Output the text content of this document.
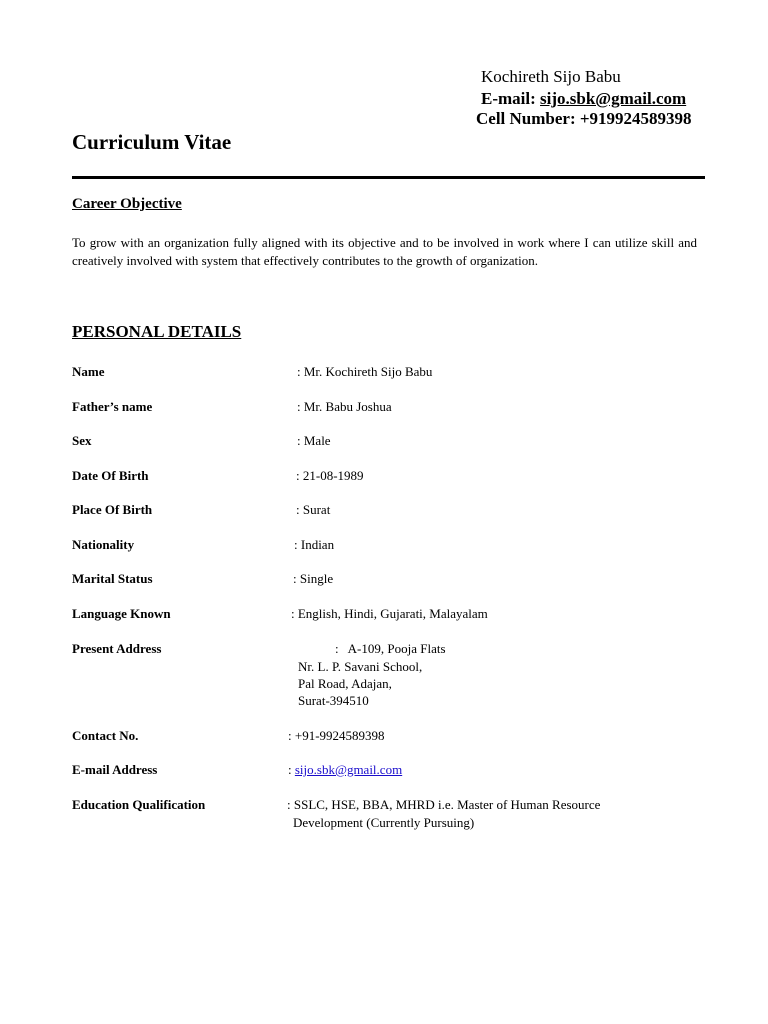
Kochireth Sijo Babu
E-mail: sijo.sbk@gmail.com
Cell Number: +919924589398
Curriculum Vitae
Career Objective
To grow with an organization fully aligned with its objective and to be involved in work where I can utilize skill and creatively involved with system that effectively contributes to the growth of organization.
PERSONAL DETAILS
Name	: Mr. Kochireth Sijo Babu
Father’s name	: Mr. Babu Joshua
Sex	: Male
Date Of Birth	: 21-08-1989
Place Of Birth	: Surat
Nationality	: Indian
Marital Status	: Single
Language Known	: English, Hindi, Gujarati, Malayalam
Present Address	:   A-109, Pooja Flats
Nr. L. P. Savani School,
Pal Road, Adajan,
Surat-394510
Contact No.	: +91-9924589398
E-mail Address	: sijo.sbk@gmail.com
Education Qualification	: SSLC, HSE, BBA, MHRD i.e. Master of Human Resource
Development (Currently Pursuing)
